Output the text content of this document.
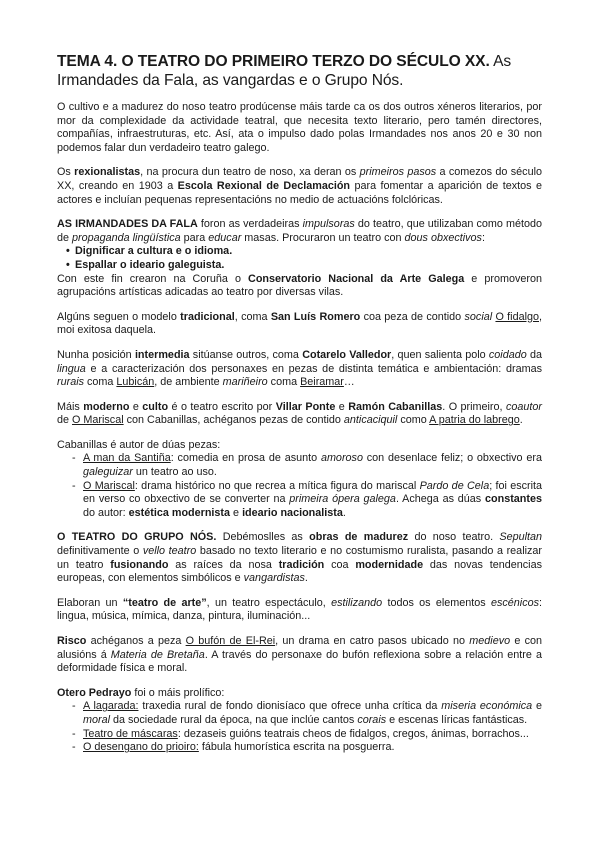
TEMA 4. O TEATRO DO PRIMEIRO TERZO DO SÉCULO XX. As Irmandades da Fala, as vangardas e o Grupo Nós.

O cultivo e a madurez do noso teatro prodúcense máis tarde ca os dos outros xéneros literarios, por mor da complexidade da actividade teatral, que necesita texto literario, pero tamén directores, compañías, infraestruturas, etc. Así, ata o impulso dado polas Irmandades nos anos 20 e 30 non podemos falar dun verdadeiro teatro galego.

Os rexionalistas, na procura dun teatro de noso, xa deran os primeiros pasos a comezos do século XX, creando en 1903 a Escola Rexional de Declamación para fomentar a aparición de textos e actores e incluían pequenas representacións no medio de actuacións folclóricas.

AS IRMANDADES DA FALA foron as verdadeiras impulsoras do teatro, que utilizaban como método de propaganda lingüística para educar masas. Procuraron un teatro con dous obxectivos:

• Dignificar a cultura e o idioma.
• Espallar o ideario galeguista.

Con este fin crearon na Coruña o Conservatorio Nacional da Arte Galega e promoveron agrupacións artísticas adicadas ao teatro por diversas vilas.

Algúns seguen o modelo tradicional, coma San Luís Romero coa peza de contido social O fidalgo, moi exitosa daquela.

Nunha posición intermedia sitúanse outros, coma Cotarelo Valledor, quen salienta polo coidado da lingua e a caracterización dos personaxes en pezas de distinta temática e ambientación: dramas rurais coma Lubicán, de ambiente mariñeiro coma Beiramar…

Máis moderno e culto é o teatro escrito por Villar Ponte e Ramón Cabanillas. O primeiro, coautor de O Mariscal con Cabanillas, achéganos pezas de contido anticaciquil como A patria do labrego.

Cabanillas é autor de dúas pezas:

- A man da Santiña: comedia en prosa de asunto amoroso con desenlace feliz; o obxectivo era galeguizar un teatro ao uso.
- O Mariscal: drama histórico no que recrea a mítica figura do mariscal Pardo de Cela; foi escrita en verso co obxectivo de se converter na primeira ópera galega. Achega as dúas constantes do autor: estética modernista e ideario nacionalista.

O TEATRO DO GRUPO NÓS. Debémoslles as obras de madurez do noso teatro. Sepultan definitivamente o vello teatro basado no texto literario e no costumismo ruralista, pasando a realizar un teatro fusionando as raíces da nosa tradición coa modernidade das novas tendencias europeas, con elementos simbólicos e vangardistas.

Elaboran un “teatro de arte”, un teatro espectáculo, estilizando todos os elementos escénicos: lingua, música, mímica, danza, pintura, iluminación...

Risco achéganos a peza O bufón de El-Rei, un drama en catro pasos ubicado no medievo e con alusións á Materia de Bretaña. A través do personaxe do bufón reflexiona sobre a relación entre a deformidade física e moral.

Otero Pedrayo foi o máis prolífico:

- A lagarada: traxedia rural de fondo dionisíaco que ofrece unha crítica da miseria económica e moral da sociedade rural da época, na que inclúe cantos corais e escenas líricas fantásticas.
- Teatro de máscaras: dezaseis guións teatrais cheos de fidalgos, cregos, ánimas, borrachos...
- O desengano do prioiro: fábula humorística escrita na posguerra.
